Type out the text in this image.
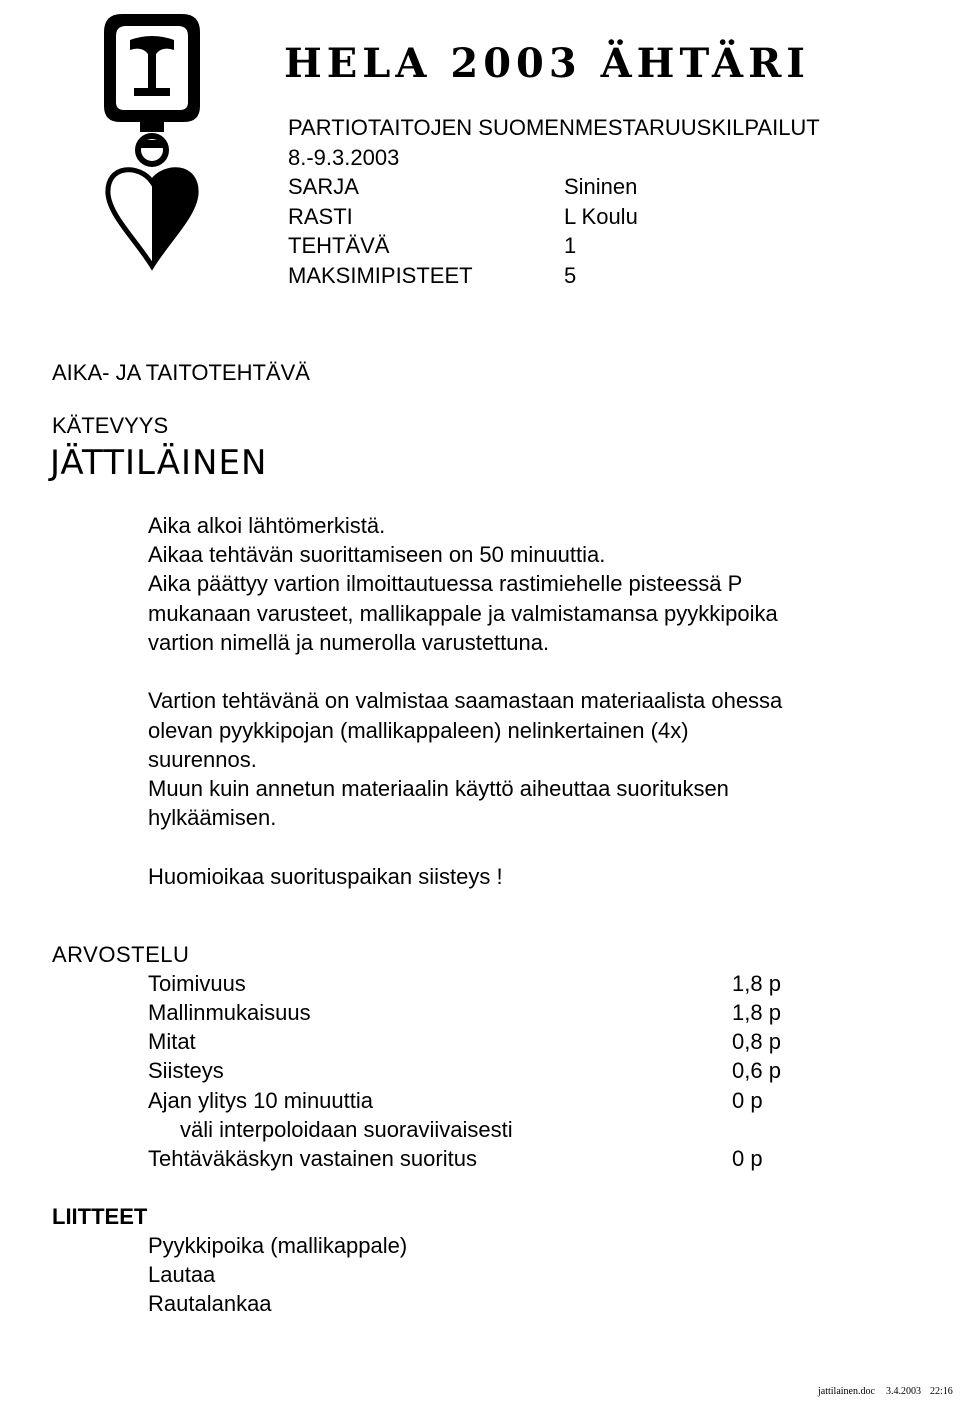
HELA 2003 ÄHTÄRI
PARTIOTAITOJEN SUOMENMESTARUUSKILPAILUT
8.-9.3.2003
SARJA	Sininen
RASTI	L Koulu
TEHTÄVÄ	1
MAKSIMIPISTEET	5
AIKA- JA TAITOTEHTÄVÄ
KÄTEVYYS
JÄTTILÄINEN
Aika alkoi lähtömerkistä.
Aikaa tehtävän suorittamiseen on 50 minuuttia.
Aika päättyy vartion ilmoittautuessa rastimiehelle pisteessä P
mukanaan varusteet, mallikappale ja valmistamansa pyykkipoika
vartion nimellä ja numerolla varustettuna.
Vartion tehtävänä on valmistaa saamastaan materiaalista ohessa
olevan pyykkipojan (mallikappaleen) nelinkertainen (4x)
suurennos.
Muun kuin annetun materiaalin käyttö aiheuttaa suorituksen
hylkäämisen.
Huomioikaa suorituspaikan siisteys !
ARVOSTELU
Toimivuus	1,8 p
Mallinmukaisuus	1,8 p
Mitat	0,8 p
Siisteys	0,6 p
Ajan ylitys 10 minuuttia	0 p
väli interpoloidaan suoraviivaisesti
Tehtäväkäskyn vastainen suoritus	0 p
LIITTEET
Pyykkipoika (mallikappale)
Lautaa
Rautalankaa
jattilainen.doc 3.4.2003 22:16
